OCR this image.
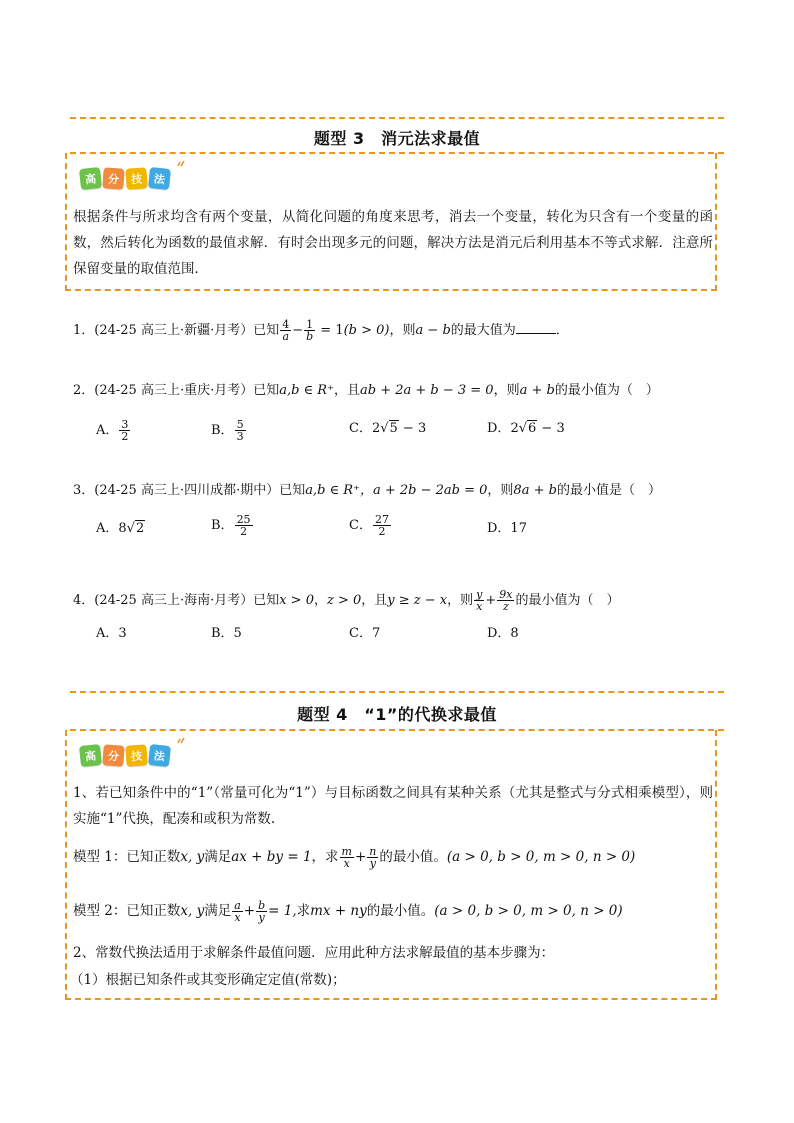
题型 3　消元法求最值
高 分	技 法
根据条件与所求均含有两个变量，从简化问题的角度来思考，消去一个变量，转化为只含有一个变量的函数，然后转化为函数的最值求解．有时会出现多元的问题，解决方法是消元后利用基本不等式求解．注意所保留变量的取值范围．
1．(24-25 高三上·新疆·月考）已知 $\frac{4}{a} - \frac{1}{b} = 1(b > 0)$，则a − b的最大值为	．
2．(24-25 高三上·重庆·月考）已知a,b ∈ R⁺，且ab + 2a + b − 3 = 0，则a + b的最小值为（　）
A． $\frac{3}{2}$	B． $\frac{5}{3}$	C．2√5 − 3	D．2√6 − 3
3．(24-25 高三上·四川成都·期中）已知a,b ∈ R⁺，a + 2b − 2ab = 0，则8a + b的最小值是（　）
A．8√2	B． $\frac{25}{2}$	C． $\frac{27}{2}$	D．17
4．(24-25 高三上·海南·月考）已知x > 0，z > 0，且y ≥ z − x，则 $\frac{y}{x} + \frac{9x}{z}$ 的最小值为（　）
A．3	B．5	C．7	D．8
题型 4　“1”的代换求最值
高 分	技 法
1、若已知条件中的“1”（常量可化为“1”）与目标函数之间具有某种关系（尤其是整式与分式相乘模型），则实施“1”代换，配凑和或积为常数.
模型 1：已知正数x, y满足ax + by = 1，求 $\frac{m}{x} + \frac{n}{y}$ 的最小值。(a > 0, b > 0, m > 0, n > 0)
模型 2：已知正数x, y满足 $\frac{a}{x} + \frac{b}{y} = 1$,求mx + ny的最小值。(a > 0, b > 0, m > 0, n > 0)
2、常数代换法适用于求解条件最值问题．应用此种方法求解最值的基本步骤为：
（1）根据已知条件或其变形确定定值(常数)；
